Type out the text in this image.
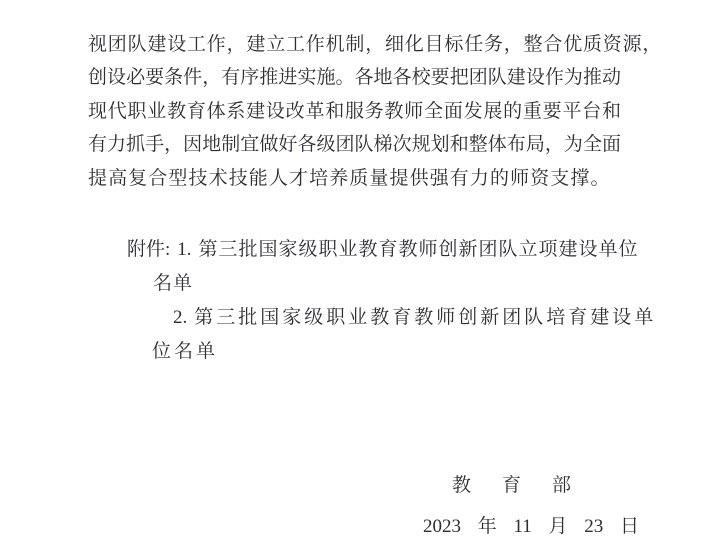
视团队建设工作，建立工作机制，细化目标任务，整合优质资源，
创设必要条件，有序推进实施。各地各校要把团队建设作为推动
现代职业教育体系建设改革和服务教师全面发展的重要平台和
有力抓手，因地制宜做好各级团队梯次规划和整体布局，为全面
提高复合型技术技能人才培养质量提供强有力的师资支撑。
附件: 1. 第三批国家级职业教育教师创新团队立项建设单位
名单
2. 第三批国家级职业教育教师创新团队培育建设单
位名单
教　育　部
2023 年 11 月 23 日
